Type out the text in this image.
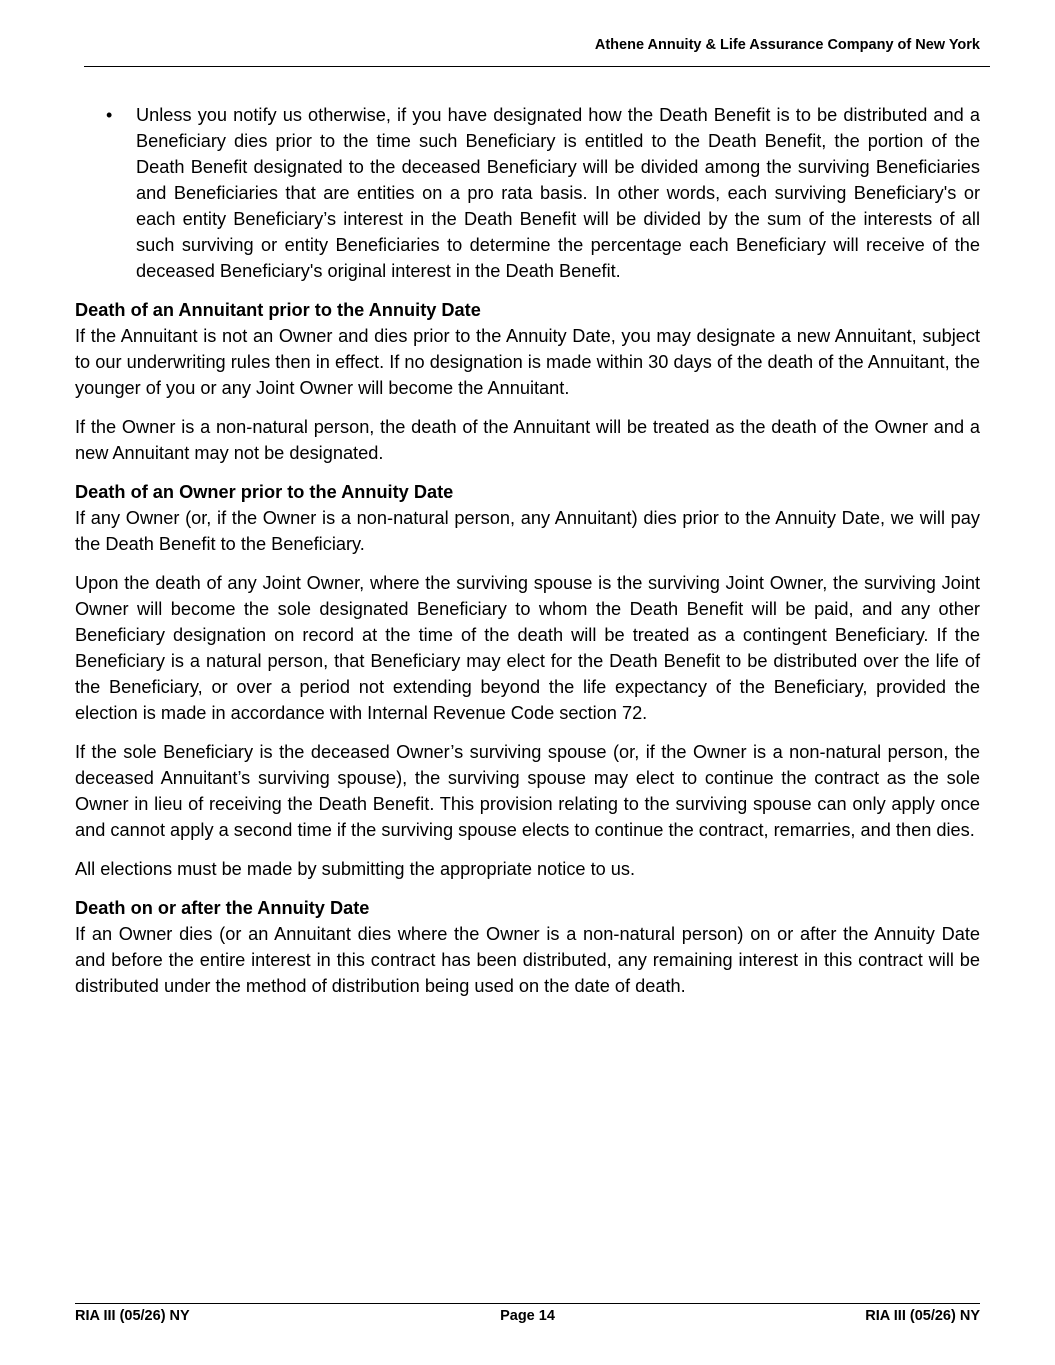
Athene Annuity & Life Assurance Company of New York
• Unless you notify us otherwise, if you have designated how the Death Benefit is to be distributed and a Beneficiary dies prior to the time such Beneficiary is entitled to the Death Benefit, the portion of the Death Benefit designated to the deceased Beneficiary will be divided among the surviving Beneficiaries and Beneficiaries that are entities on a pro rata basis. In other words, each surviving Beneficiary's or each entity Beneficiary’s interest in the Death Benefit will be divided by the sum of the interests of all such surviving or entity Beneficiaries to determine the percentage each Beneficiary will receive of the deceased Beneficiary's original interest in the Death Benefit.

Death of an Annuitant prior to the Annuity Date

If the Annuitant is not an Owner and dies prior to the Annuity Date, you may designate a new Annuitant, subject to our underwriting rules then in effect. If no designation is made within 30 days of the death of the Annuitant, the younger of you or any Joint Owner will become the Annuitant.

If the Owner is a non-natural person, the death of the Annuitant will be treated as the death of the Owner and a new Annuitant may not be designated.

Death of an Owner prior to the Annuity Date

If any Owner (or, if the Owner is a non-natural person, any Annuitant) dies prior to the Annuity Date, we will pay the Death Benefit to the Beneficiary.

Upon the death of any Joint Owner, where the surviving spouse is the surviving Joint Owner, the surviving Joint Owner will become the sole designated Beneficiary to whom the Death Benefit will be paid, and any other Beneficiary designation on record at the time of the death will be treated as a contingent Beneficiary. If the Beneficiary is a natural person, that Beneficiary may elect for the Death Benefit to be distributed over the life of the Beneficiary, or over a period not extending beyond the life expectancy of the Beneficiary, provided the election is made in accordance with Internal Revenue Code section 72.

If the sole Beneficiary is the deceased Owner’s surviving spouse (or, if the Owner is a non-natural person, the deceased Annuitant’s surviving spouse), the surviving spouse may elect to continue the contract as the sole Owner in lieu of receiving the Death Benefit. This provision relating to the surviving spouse can only apply once and cannot apply a second time if the surviving spouse elects to continue the contract, remarries, and then dies.

All elections must be made by submitting the appropriate notice to us.

Death on or after the Annuity Date

If an Owner dies (or an Annuitant dies where the Owner is a non-natural person) on or after the Annuity Date and before the entire interest in this contract has been distributed, any remaining interest in this contract will be distributed under the method of distribution being used on the date of death.

RIA III (05/26) NY	Page 14	RIA III (05/26) NY
